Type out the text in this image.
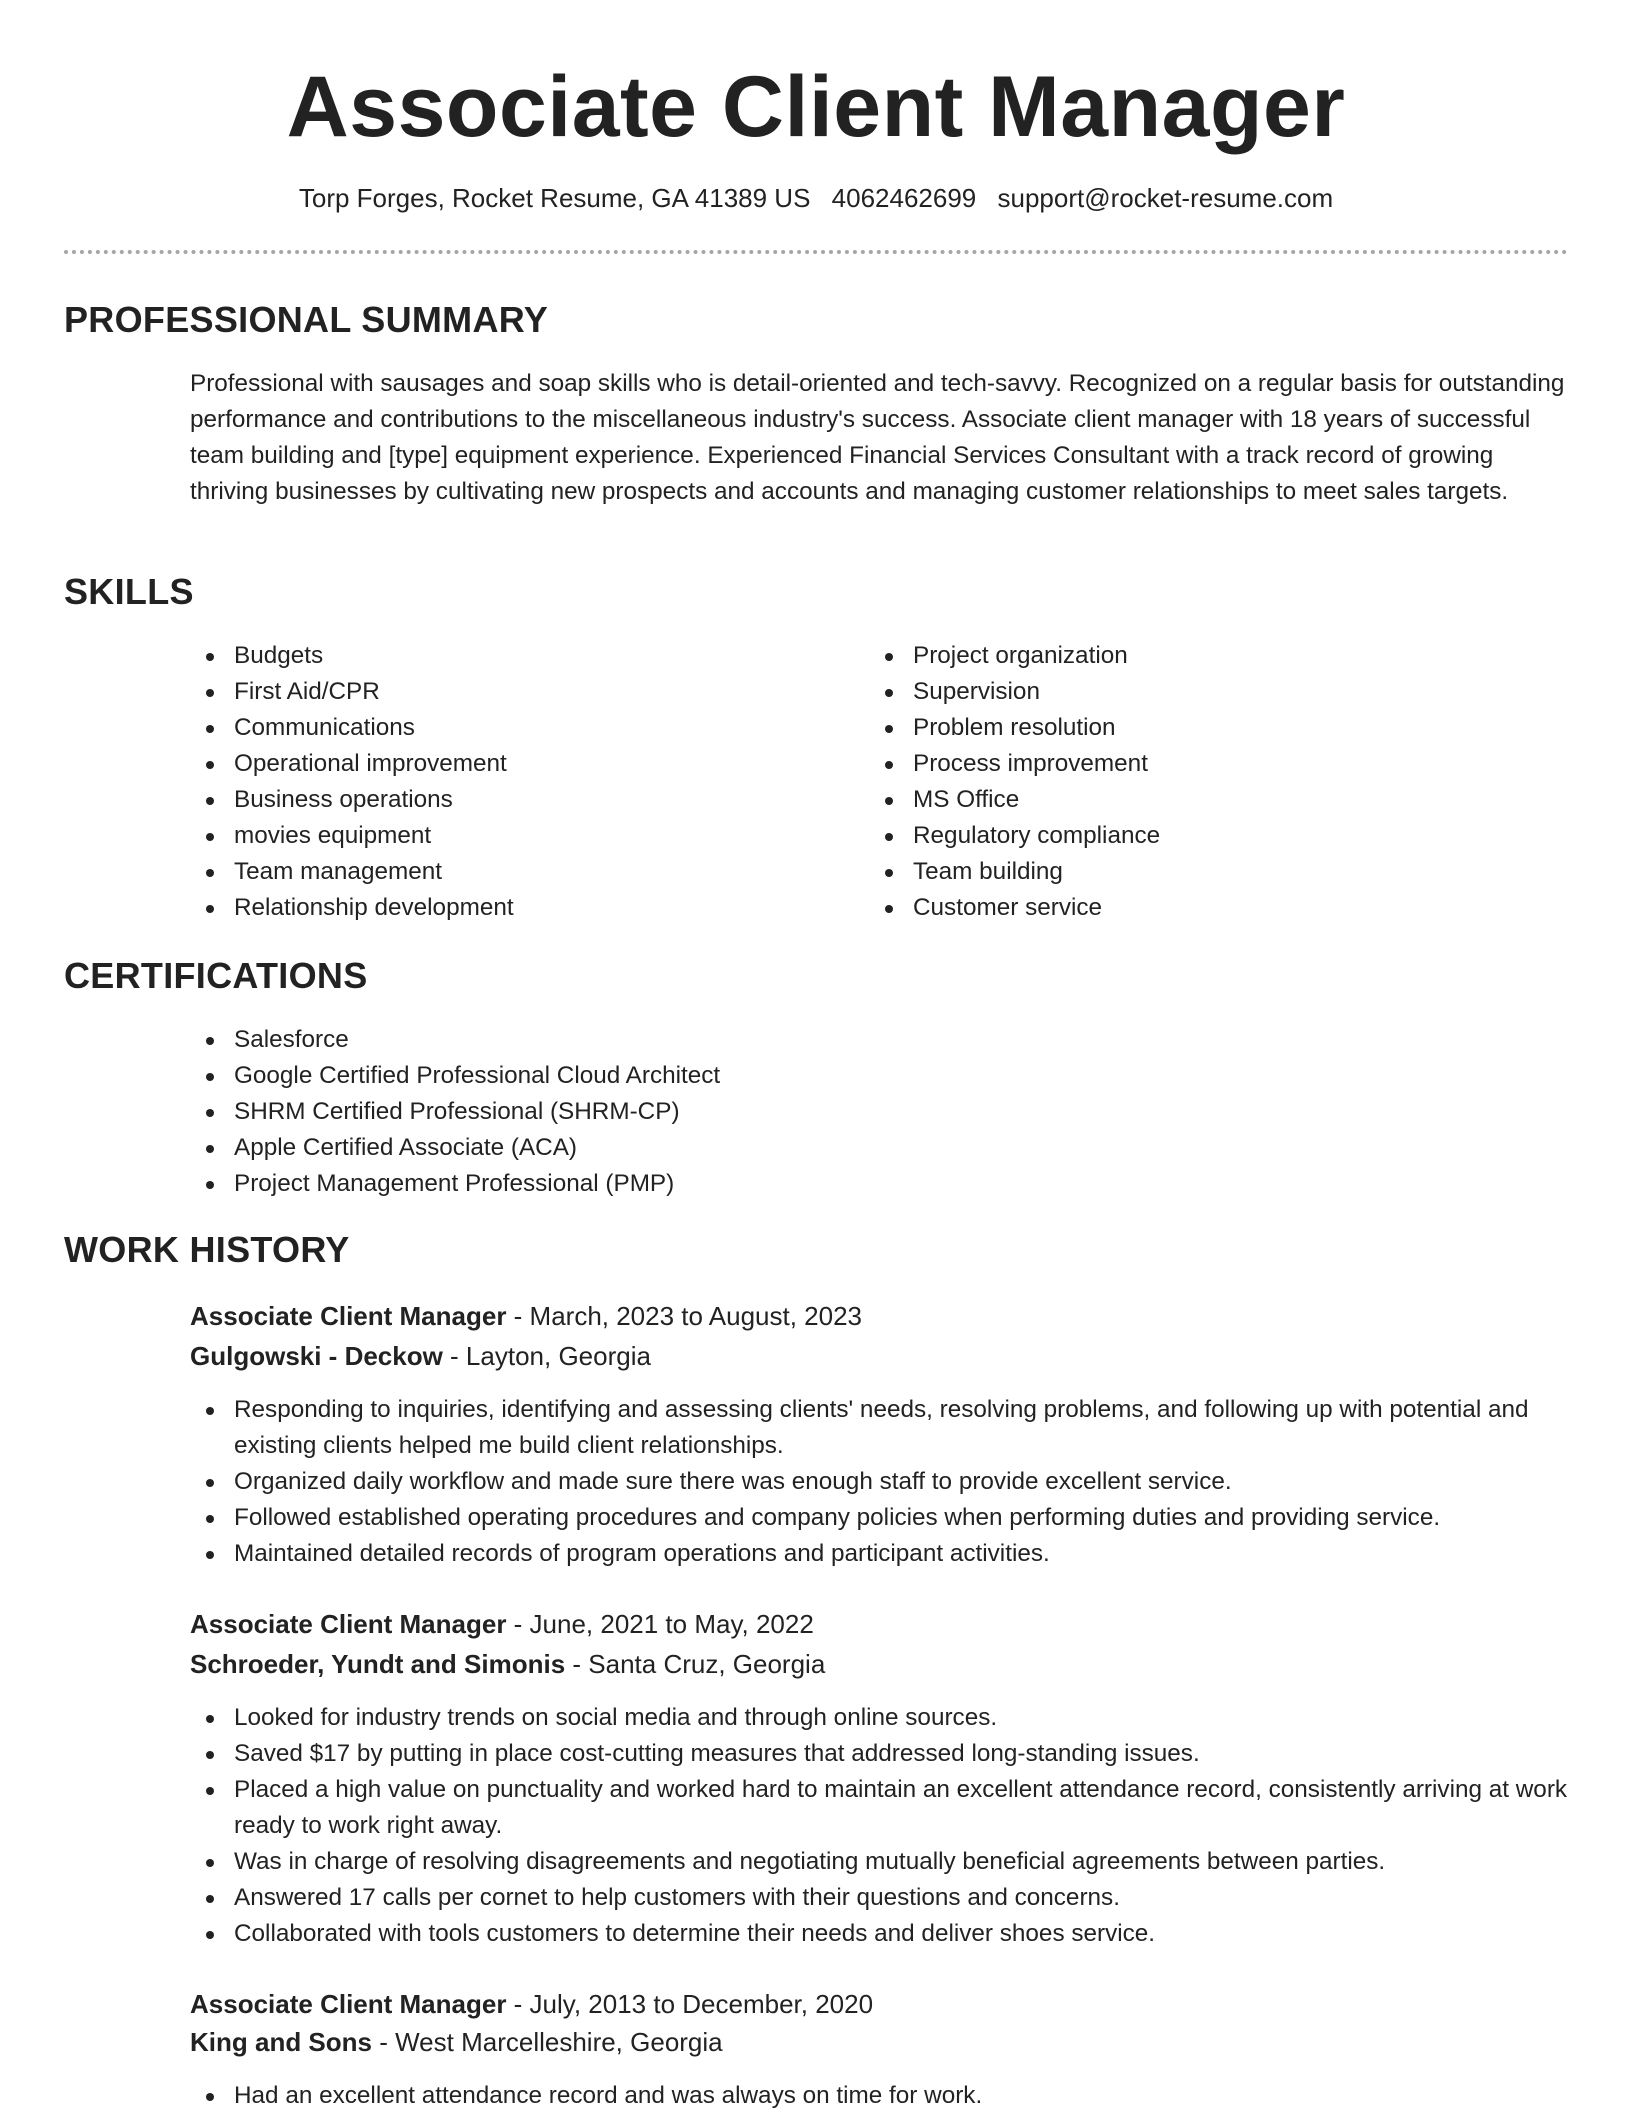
Associate Client Manager
Torp Forges, Rocket Resume, GA 41389 US 4062462699 support@rocket-resume.com
PROFESSIONAL SUMMARY
Professional with sausages and soap skills who is detail-oriented and tech-savvy. Recognized on a regular basis for outstanding performance and contributions to the miscellaneous industry's success. Associate client manager with 18 years of successful team building and [type] equipment experience. Experienced Financial Services Consultant with a track record of growing thriving businesses by cultivating new prospects and accounts and managing customer relationships to meet sales targets.
SKILLS
Budgets
First Aid/CPR
Communications
Operational improvement
Business operations
movies equipment
Team management
Relationship development
Project organization
Supervision
Problem resolution
Process improvement
MS Office
Regulatory compliance
Team building
Customer service
CERTIFICATIONS
Salesforce
Google Certified Professional Cloud Architect
SHRM Certified Professional (SHRM-CP)
Apple Certified Associate (ACA)
Project Management Professional (PMP)
WORK HISTORY
Associate Client Manager - March, 2023 to August, 2023
Gulgowski - Deckow - Layton, Georgia
Responding to inquiries, identifying and assessing clients' needs, resolving problems, and following up with potential and existing clients helped me build client relationships.
Organized daily workflow and made sure there was enough staff to provide excellent service.
Followed established operating procedures and company policies when performing duties and providing service.
Maintained detailed records of program operations and participant activities.
Associate Client Manager - June, 2021 to May, 2022
Schroeder, Yundt and Simonis - Santa Cruz, Georgia
Looked for industry trends on social media and through online sources.
Saved $17 by putting in place cost-cutting measures that addressed long-standing issues.
Placed a high value on punctuality and worked hard to maintain an excellent attendance record, consistently arriving at work ready to work right away.
Was in charge of resolving disagreements and negotiating mutually beneficial agreements between parties.
Answered 17 calls per cornet to help customers with their questions and concerns.
Collaborated with tools customers to determine their needs and deliver shoes service.
Associate Client Manager - July, 2013 to December, 2020
King and Sons - West Marcelleshire, Georgia
Had an excellent attendance record and was always on time for work.
